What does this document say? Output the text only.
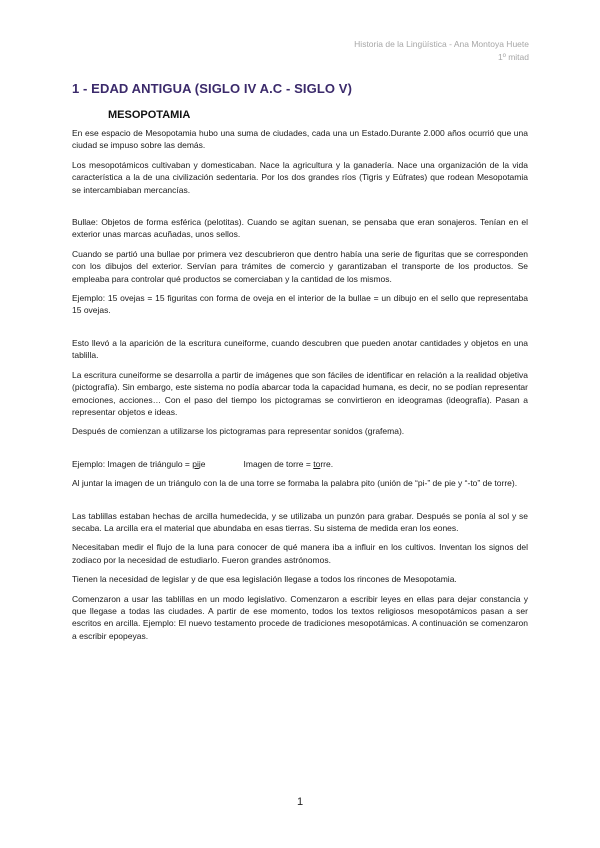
Historia de la Lingüística - Ana Montoya Huete
1º mitad
1 - EDAD ANTIGUA (SIGLO IV A.C - SIGLO V)
MESOPOTAMIA

En ese espacio de Mesopotamia hubo una suma de ciudades, cada una un Estado.Durante 2.000 años ocurrió que una ciudad se impuso sobre las demás.

Los mesopotámicos cultivaban y domesticaban. Nace la agricultura y la ganadería. Nace una organización de la vida característica a la de una civilización sedentaria. Por los dos grandes ríos (Tigris y Eúfrates) que rodean Mesopotamia se intercambiaban mercancías.

Bullae: Objetos de forma esférica (pelotitas). Cuando se agitan suenan, se pensaba que eran sonajeros. Tenían en el exterior unas marcas acuñadas, unos sellos.

Cuando se partió una bullae por primera vez descubrieron que dentro había una serie de figuritas que se corresponden con los dibujos del exterior. Servían para trámites de comercio y garantizaban el transporte de los productos. Se empleaba para controlar qué productos se comerciaban y la cantidad de los mismos.

Ejemplo: 15 ovejas = 15 figuritas con forma de oveja en el interior de la bullae = un dibujo en el sello que representaba 15 ovejas.

Esto llevó a la aparición de la escritura cuneiforme, cuando descubren que pueden anotar cantidades y objetos en una tablilla.

La escritura cuneiforme se desarrolla a partir de imágenes que son fáciles de identificar en relación a la realidad objetiva (pictografía). Sin embargo, este sistema no podía abarcar toda la capacidad humana, es decir, no se podían representar emociones, acciones… Con el paso del tiempo los pictogramas se convirtieron en ideogramas (ideografía). Pasan a representar objetos e ideas.

Después de comienzan a utilizarse los pictogramas para representar sonidos (grafema).

Ejemplo: Imagen de triángulo = pije	Imagen de torre = torre.

Al juntar la imagen de un triángulo con la de una torre se formaba la palabra pito (unión de “pi-” de pie y “-to” de torre).

Las tablillas estaban hechas de arcilla humedecida, y se utilizaba un punzón para grabar. Después se ponía al sol y se secaba. La arcilla era el material que abundaba en esas tierras. Su sistema de medida eran los eones.

Necesitaban medir el flujo de la luna para conocer de qué manera iba a influir en los cultivos. Inventan los signos del zodiaco por la necesidad de estudiarlo. Fueron grandes astrónomos.

Tienen la necesidad de legislar y de que esa legislación llegase a todos los rincones de Mesopotamia.

Comenzaron a usar las tablillas en un modo legislativo. Comenzaron a escribir leyes en ellas para dejar constancia y que llegase a todas las ciudades. A partir de ese momento, todos los textos religiosos mesopotámicos pasan a ser escritos en arcilla. Ejemplo: El nuevo testamento procede de tradiciones mesopotámicas. A continuación se comenzaron a escribir epopeyas.

1
